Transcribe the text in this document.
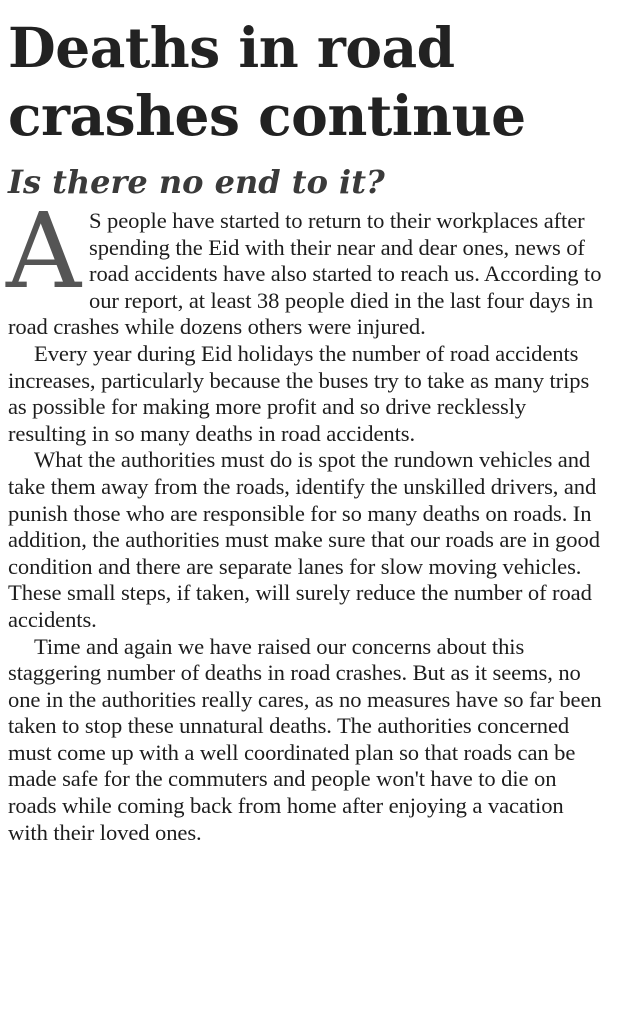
Deaths in road
crashes continue
Is there no end to it?

A S people have started to return to their workplaces after spending the Eid with their near and dear ones, news of road accidents have also started to reach us. According to our report, at least 38 people died in the last four days in road crashes while dozens others were injured.

Every year during Eid holidays the number of road accidents increases, particularly because the buses try to take as many trips as possible for making more profit and so drive recklessly resulting in so many deaths in road accidents.

What the authorities must do is spot the rundown vehicles and take them away from the roads, identify the unskilled drivers, and punish those who are responsible for so many deaths on roads. In addition, the authorities must make sure that our roads are in good condition and there are separate lanes for slow moving vehicles. These small steps, if taken, will surely reduce the number of road accidents.

Time and again we have raised our concerns about this staggering number of deaths in road crashes. But as it seems, no one in the authorities really cares, as no measures have so far been taken to stop these unnatural deaths. The authorities concerned must come up with a well coordinated plan so that roads can be made safe for the commuters and people won't have to die on roads while coming back from home after enjoying a vacation with their loved ones.
